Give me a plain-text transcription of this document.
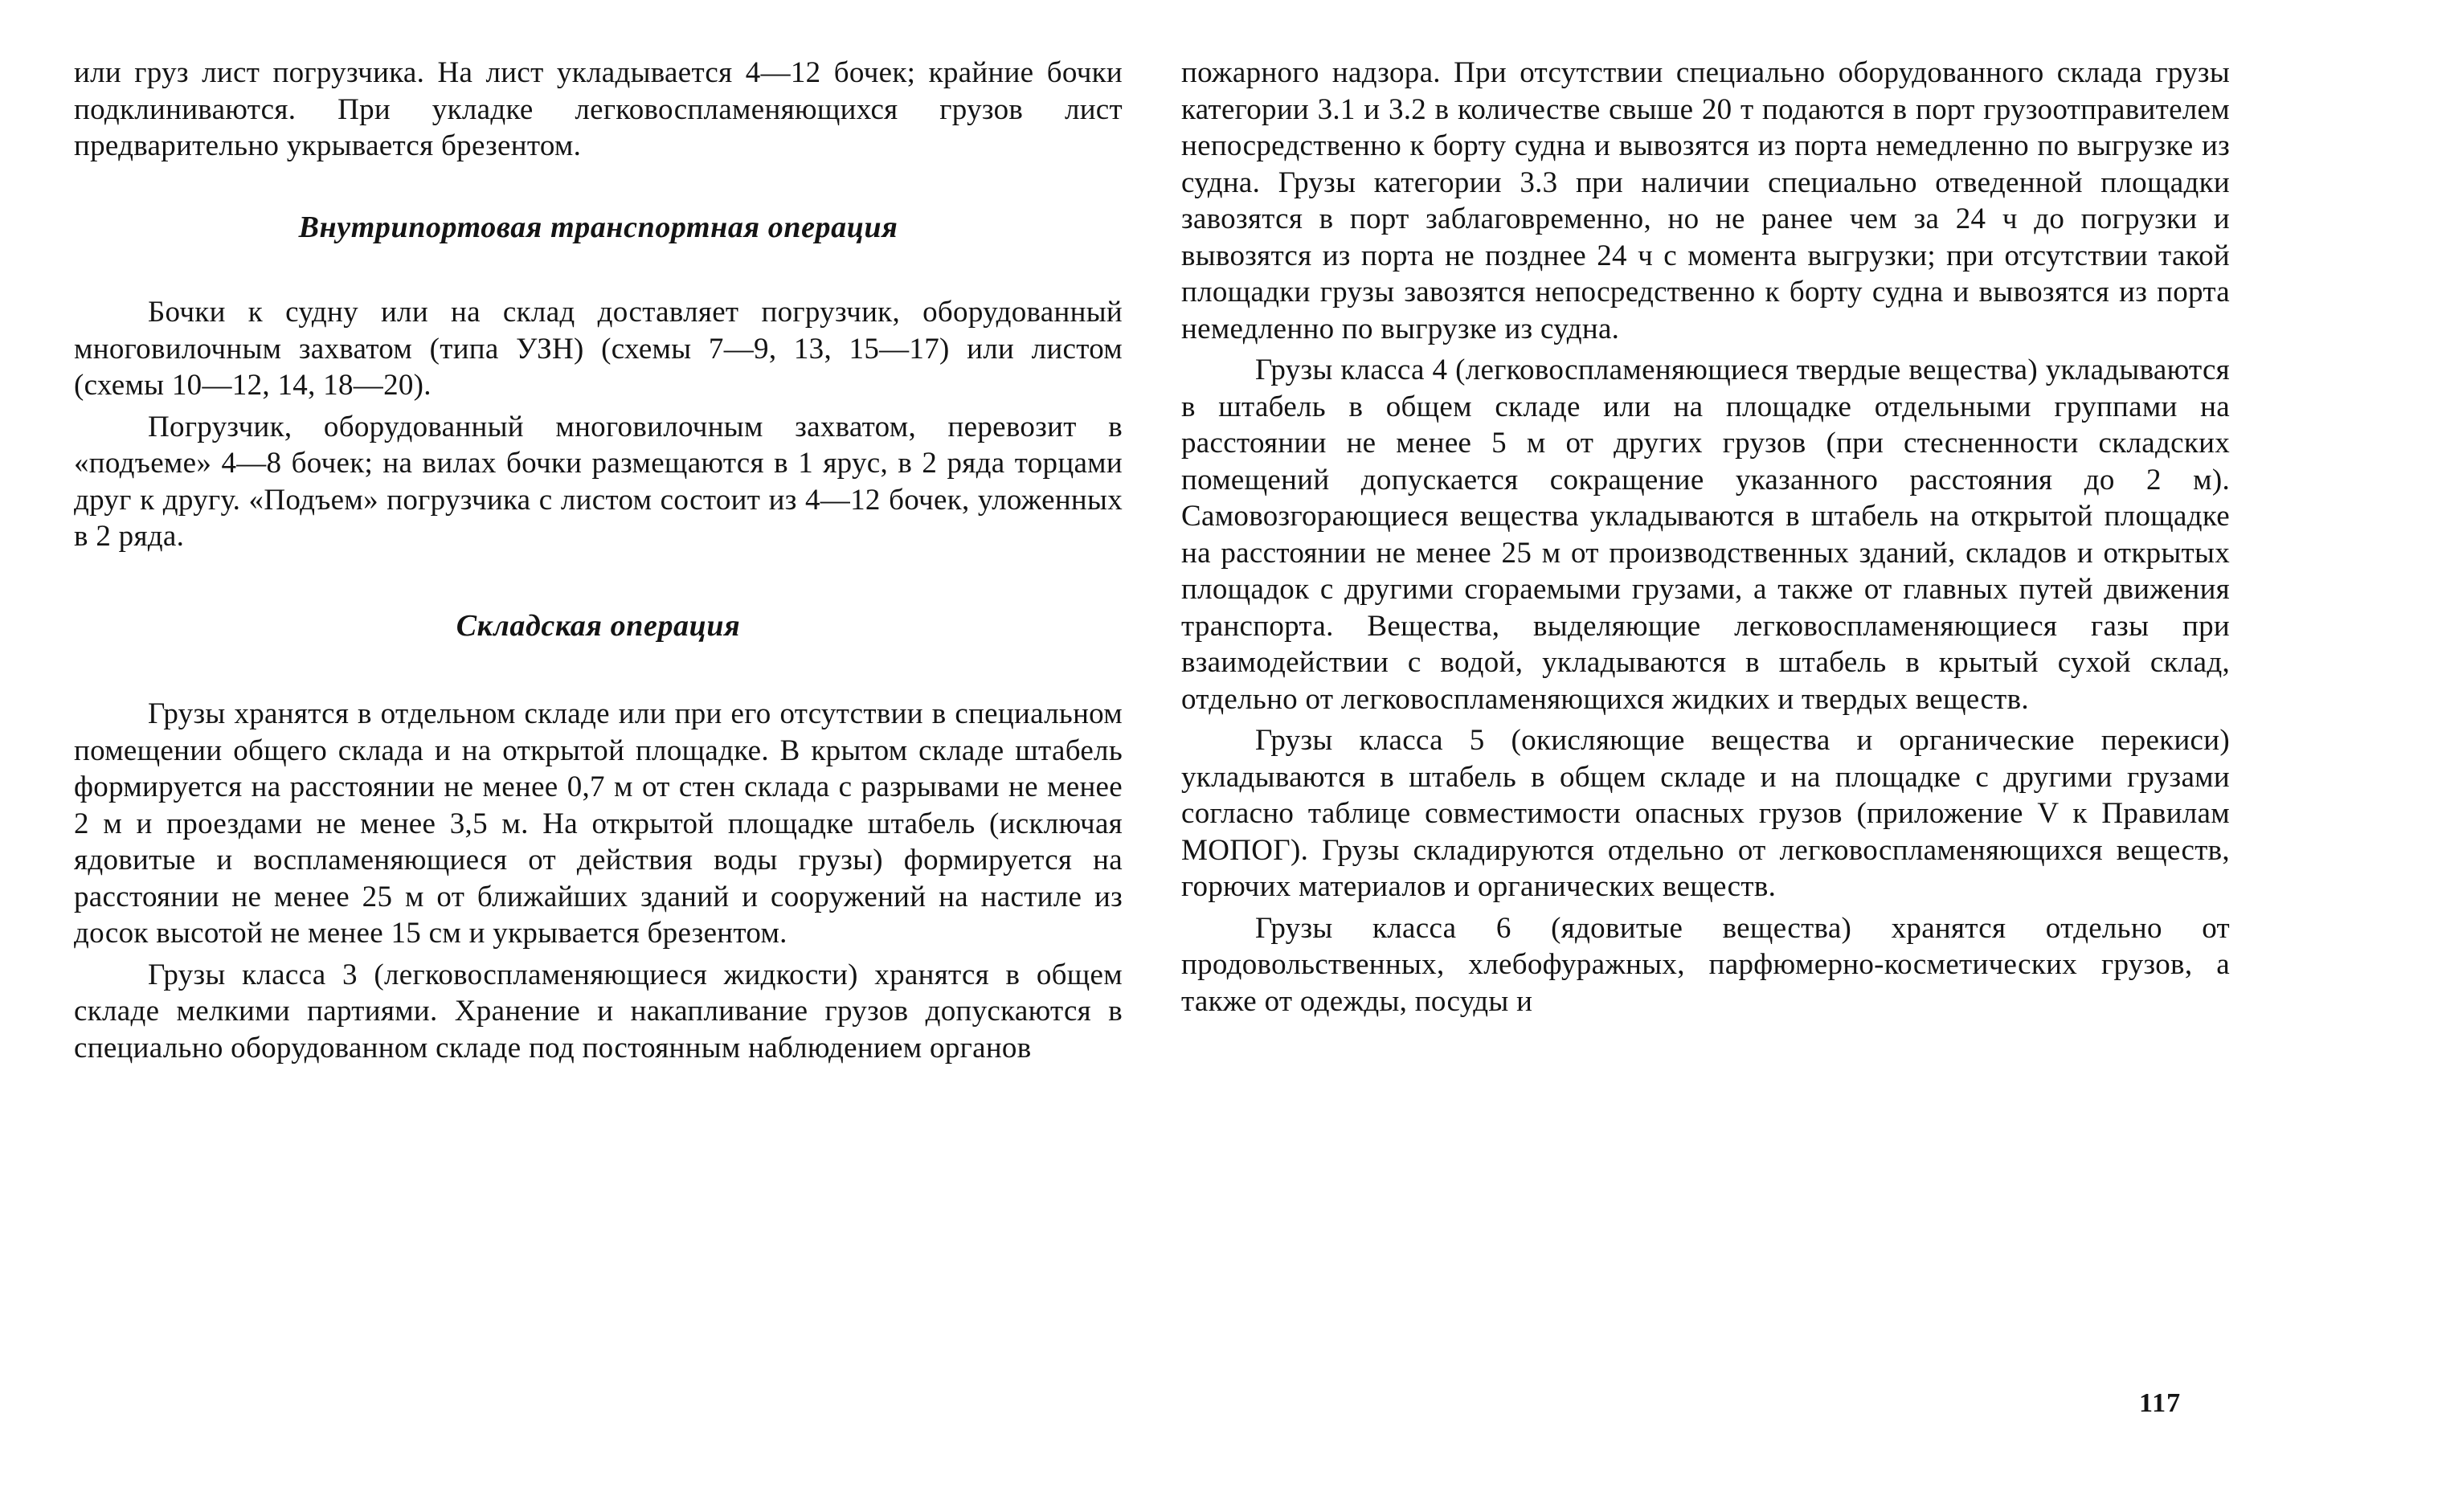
или груз лист погрузчика. На лист укладывается 4—12 бочек; крайние бочки подклиниваются. При укладке легковоспламеняющихся грузов лист предварительно укрывается брезентом.

Внутрипортовая транспортная операция

Бочки к судну или на склад доставляет погрузчик, оборудованный многовилочным захватом (типа УЗН) (схемы 7—9, 13, 15—17) или листом (схемы 10—12, 14, 18—20).

Погрузчик, оборудованный многовилочным захватом, перевозит в «подъеме» 4—8 бочек; на вилах бочки размещаются в 1 ярус, в 2 ряда торцами друг к другу. «Подъем» погрузчика с листом состоит из 4—12 бочек, уложенных в 2 ряда.

Складская операция

Грузы хранятся в отдельном складе или при его отсутствии в специальном помещении общего склада и на открытой площадке. В крытом складе штабель формируется на расстоянии не менее 0,7 м от стен склада с разрывами не менее 2 м и проездами не менее 3,5 м. На открытой площадке штабель (исключая ядовитые и воспламеняющиеся от действия воды грузы) формируется на расстоянии не менее 25 м от ближайших зданий и сооружений на настиле из досок высотой не менее 15 см и укрывается брезентом.

Грузы класса 3 (легковоспламеняющиеся жидкости) хранятся в общем складе мелкими партиями. Хранение и накапливание грузов допускаются в специально оборудованном складе под постоянным наблюдением органов

пожарного надзора. При отсутствии специально оборудованного склада грузы категории 3.1 и 3.2 в количестве свыше 20 т подаются в порт грузоотправителем непосредственно к борту судна и вывозятся из порта немедленно по выгрузке из судна. Грузы категории 3.3 при наличии специально отведенной площадки завозятся в порт заблаговременно, но не ранее чем за 24 ч до погрузки и вывозятся из порта не позднее 24 ч с момента выгрузки; при отсутствии такой площадки грузы завозятся непосредственно к борту судна и вывозятся из порта немедленно по выгрузке из судна.

Грузы класса 4 (легковоспламеняющиеся твердые вещества) укладываются в штабель в общем складе или на площадке отдельными группами на расстоянии не менее 5 м от других грузов (при стесненности складских помещений допускается сокращение указанного расстояния до 2 м). Самовозгорающиеся вещества укладываются в штабель на открытой площадке на расстоянии не менее 25 м от производственных зданий, складов и открытых площадок с другими сгораемыми грузами, а также от главных путей движения транспорта. Вещества, выделяющие легковоспламеняющиеся газы при взаимодействии с водой, укладываются в штабель в крытый сухой склад, отдельно от легковоспламеняющихся жидких и твердых веществ.

Грузы класса 5 (окисляющие вещества и органические перекиси) укладываются в штабель в общем складе и на площадке с другими грузами согласно таблице совместимости опасных грузов (приложение V к Правилам МОПОГ). Грузы складируются отдельно от легковоспламеняющихся веществ, горючих материалов и органических веществ.

Грузы класса 6 (ядовитые вещества) хранятся отдельно от продовольственных, хлебофуражных, парфюмерно-косметических грузов, а также от одежды, посуды и

117
